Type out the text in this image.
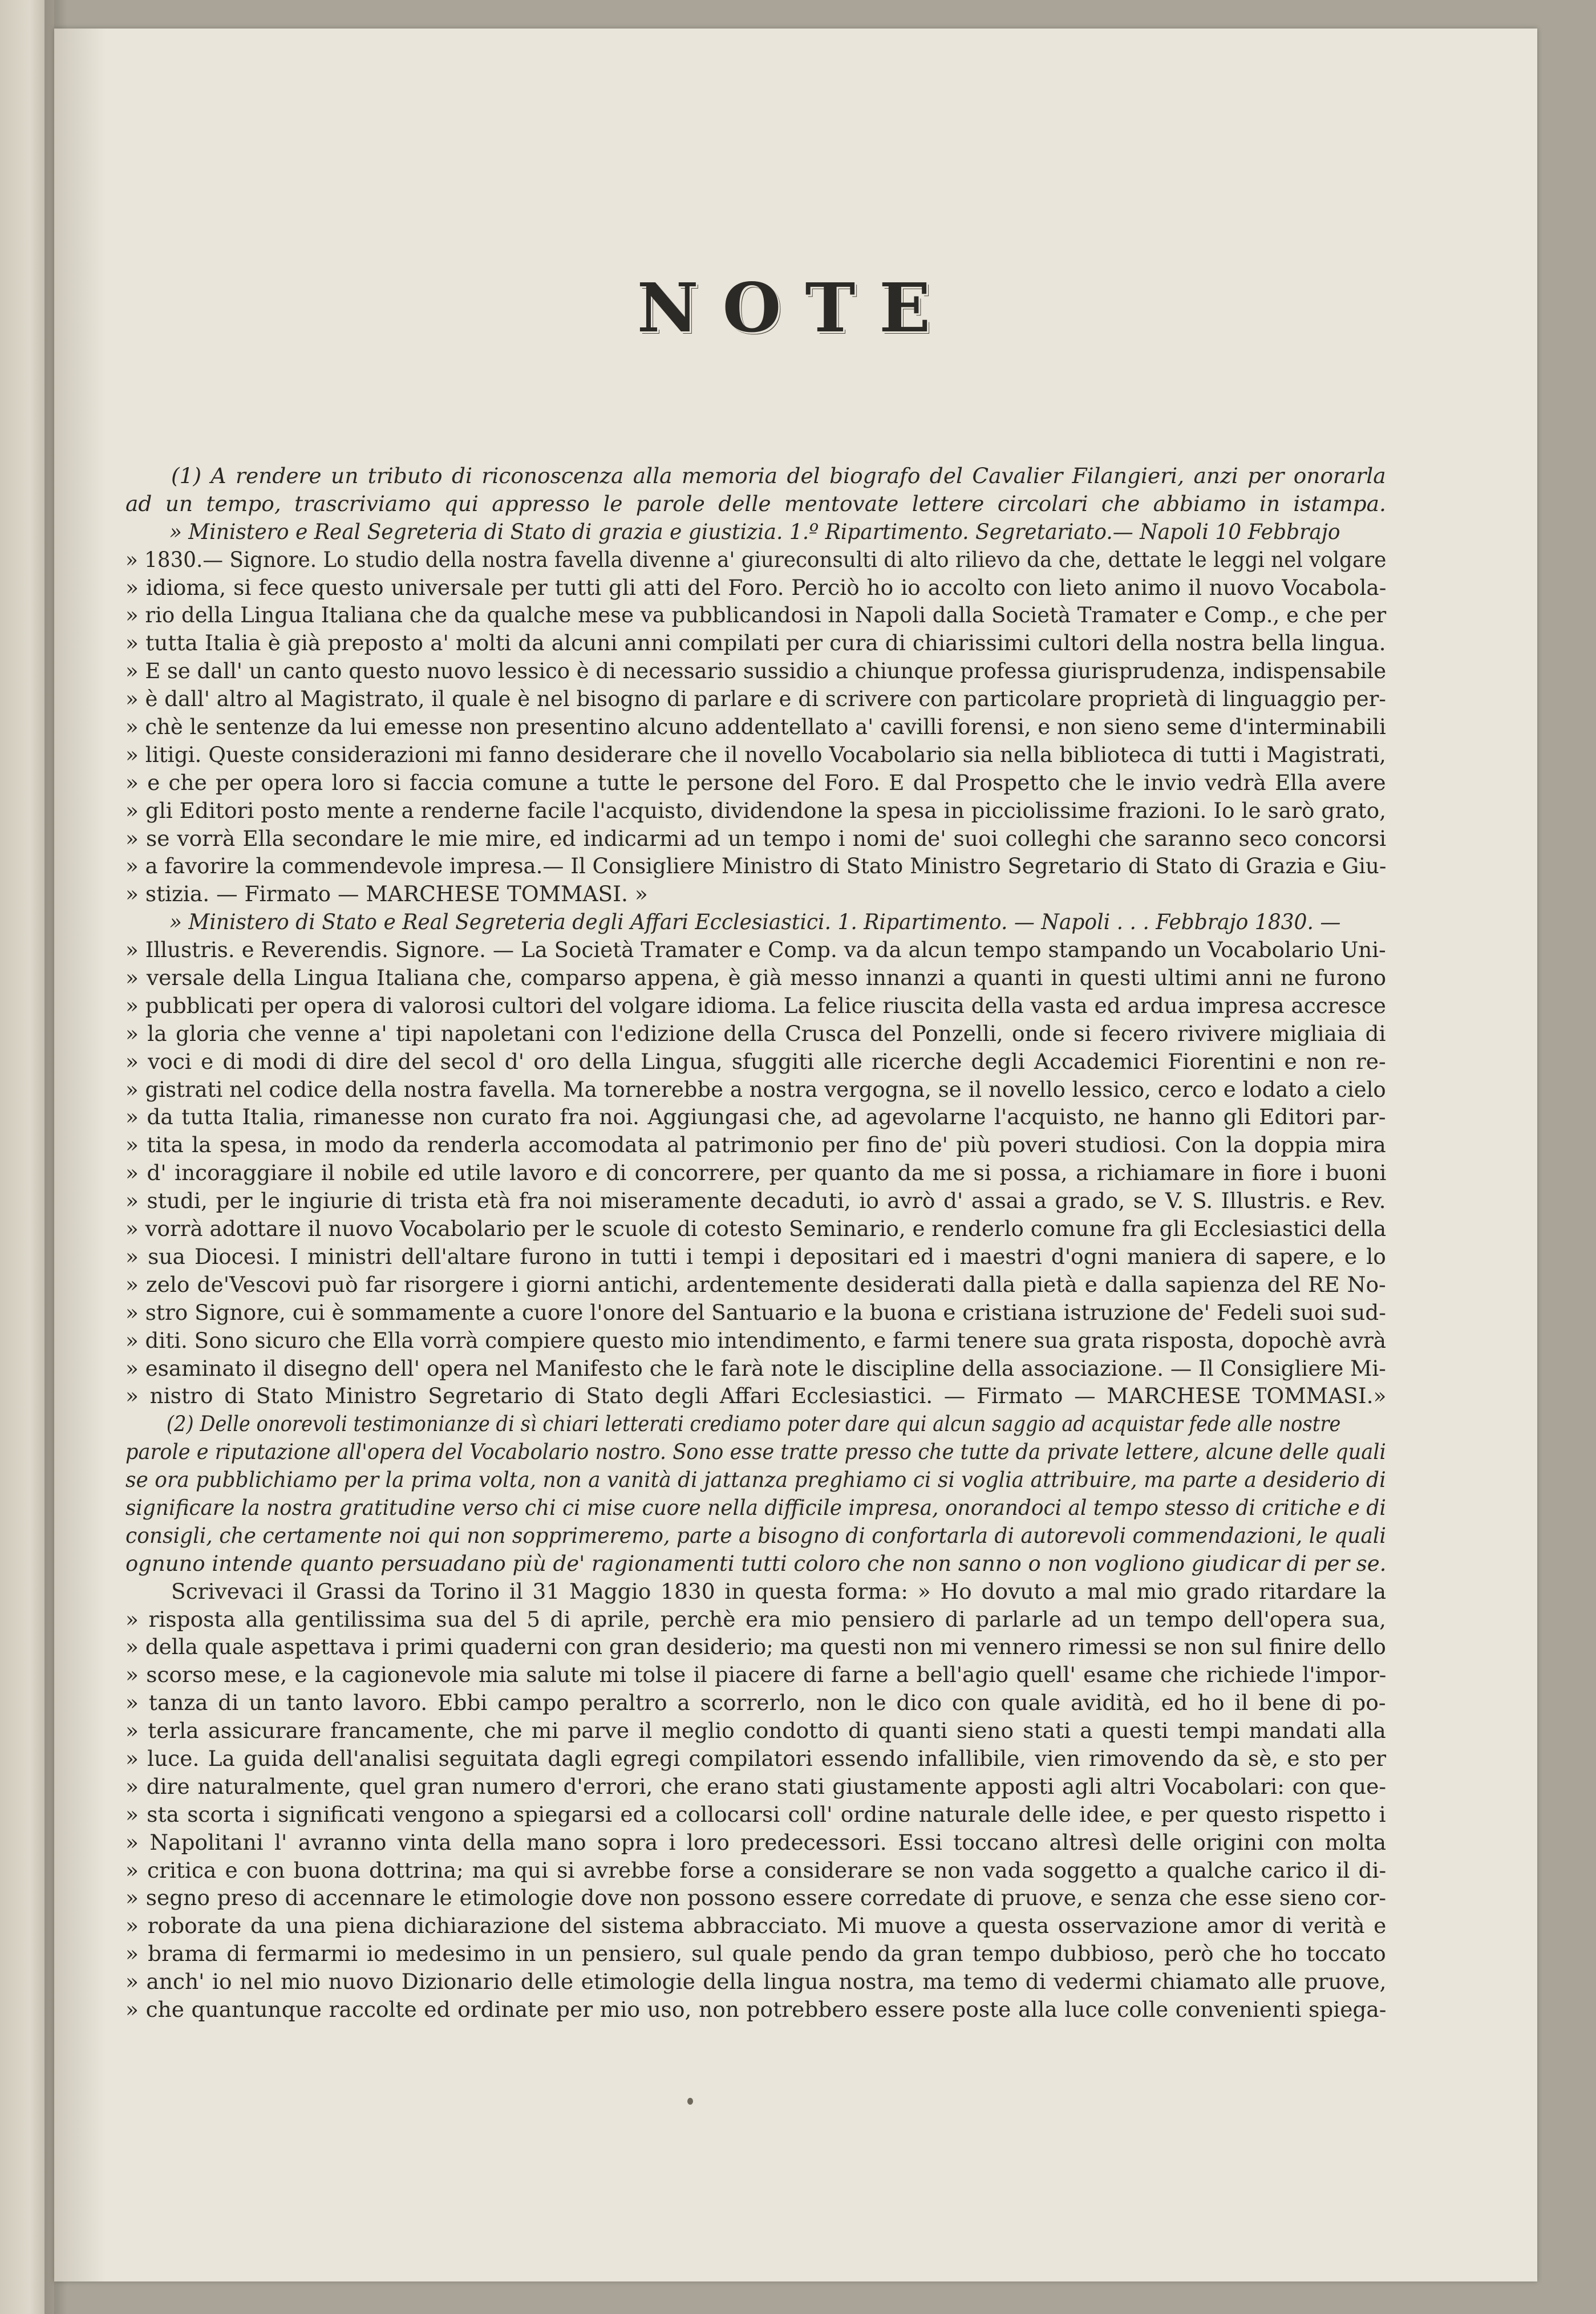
NOTE
(1) A rendere un tributo di riconoscenza alla memoria del biografo del Cavalier Filangieri, anzi per onorarla
ad un tempo, trascriviamo qui appresso le parole delle mentovate lettere circolari che abbiamo in istampa.
» Ministero e Real Segreteria di Stato di grazia e giustizia. 1.º Ripartimento. Segretariato.— Napoli 10 Febbrajo
» 1830.— Signore. Lo studio della nostra favella divenne a' giureconsulti di alto rilievo da che, dettate le leggi nel volgare
» idioma, si fece questo universale per tutti gli atti del Foro. Perciò ho io accolto con lieto animo il nuovo Vocabola-
» rio della Lingua Italiana che da qualche mese va pubblicandosi in Napoli dalla Società Tramater e Comp., e che per
» tutta Italia è già preposto a' molti da alcuni anni compilati per cura di chiarissimi cultori della nostra bella lingua.
» E se dall' un canto questo nuovo lessico è di necessario sussidio a chiunque professa giurisprudenza, indispensabile
» è dall' altro al Magistrato, il quale è nel bisogno di parlare e di scrivere con particolare proprietà di linguaggio per-
» chè le sentenze da lui emesse non presentino alcuno addentellato a' cavilli forensi, e non sieno seme d'interminabili
» litigi. Queste considerazioni mi fanno desiderare che il novello Vocabolario sia nella biblioteca di tutti i Magistrati,
» e che per opera loro si faccia comune a tutte le persone del Foro. E dal Prospetto che le invio vedrà Ella avere
» gli Editori posto mente a renderne facile l'acquisto, dividendone la spesa in picciolissime frazioni. Io le sarò grato,
» se vorrà Ella secondare le mie mire, ed indicarmi ad un tempo i nomi de' suoi colleghi che saranno seco concorsi
» a favorire la commendevole impresa.— Il Consigliere Ministro di Stato Ministro Segretario di Stato di Grazia e Giu-
» stizia. — Firmato — MARCHESE TOMMASI. »
» Ministero di Stato e Real Segreteria degli Affari Ecclesiastici. 1. Ripartimento. — Napoli . . . Febbrajo 1830. —
» Illustris. e Reverendis. Signore. — La Società Tramater e Comp. va da alcun tempo stampando un Vocabolario Uni-
» versale della Lingua Italiana che, comparso appena, è già messo innanzi a quanti in questi ultimi anni ne furono
» pubblicati per opera di valorosi cultori del volgare idioma. La felice riuscita della vasta ed ardua impresa accresce
» la gloria che venne a' tipi napoletani con l'edizione della Crusca del Ponzelli, onde si fecero rivivere migliaia di
» voci e di modi di dire del secol d' oro della Lingua, sfuggiti alle ricerche degli Accademici Fiorentini e non re-
» gistrati nel codice della nostra favella. Ma tornerebbe a nostra vergogna, se il novello lessico, cerco e lodato a cielo
» da tutta Italia, rimanesse non curato fra noi. Aggiungasi che, ad agevolarne l'acquisto, ne hanno gli Editori par-
» tita la spesa, in modo da renderla accomodata al patrimonio per fino de' più poveri studiosi. Con la doppia mira
» d' incoraggiare il nobile ed utile lavoro e di concorrere, per quanto da me si possa, a richiamare in fiore i buoni
» studi, per le ingiurie di trista età fra noi miseramente decaduti, io avrò d' assai a grado, se V. S. Illustris. e Rev.
» vorrà adottare il nuovo Vocabolario per le scuole di cotesto Seminario, e renderlo comune fra gli Ecclesiastici della
» sua Diocesi. I ministri dell'altare furono in tutti i tempi i depositari ed i maestri d'ogni maniera di sapere, e lo
» zelo de'Vescovi può far risorgere i giorni antichi, ardentemente desiderati dalla pietà e dalla sapienza del RE No-
» stro Signore, cui è sommamente a cuore l'onore del Santuario e la buona e cristiana istruzione de' Fedeli suoi sud-
» diti. Sono sicuro che Ella vorrà compiere questo mio intendimento, e farmi tenere sua grata risposta, dopochè avrà
» esaminato il disegno dell' opera nel Manifesto che le farà note le discipline della associazione. — Il Consigliere Mi-
» nistro di Stato Ministro Segretario di Stato degli Affari Ecclesiastici. — Firmato — MARCHESE TOMMASI.»
(2) Delle onorevoli testimonianze di sì chiari letterati crediamo poter dare qui alcun saggio ad acquistar fede alle nostre
parole e riputazione all'opera del Vocabolario nostro. Sono esse tratte presso che tutte da private lettere, alcune delle quali
se ora pubblichiamo per la prima volta, non a vanità di jattanza preghiamo ci si voglia attribuire, ma parte a desiderio di
significare la nostra gratitudine verso chi ci mise cuore nella difficile impresa, onorandoci al tempo stesso di critiche e di
consigli, che certamente noi qui non sopprimeremo, parte a bisogno di confortarla di autorevoli commendazioni, le quali
ognuno intende quanto persuadano più de' ragionamenti tutti coloro che non sanno o non vogliono giudicar di per se.
Scrivevaci il Grassi da Torino il 31 Maggio 1830 in questa forma: » Ho dovuto a mal mio grado ritardare la
» risposta alla gentilissima sua del 5 di aprile, perchè era mio pensiero di parlarle ad un tempo dell'opera sua,
» della quale aspettava i primi quaderni con gran desiderio; ma questi non mi vennero rimessi se non sul finire dello
» scorso mese, e la cagionevole mia salute mi tolse il piacere di farne a bell'agio quell' esame che richiede l'impor-
» tanza di un tanto lavoro. Ebbi campo peraltro a scorrerlo, non le dico con quale avidità, ed ho il bene di po-
» terla assicurare francamente, che mi parve il meglio condotto di quanti sieno stati a questi tempi mandati alla
» luce. La guida dell'analisi seguitata dagli egregi compilatori essendo infallibile, vien rimovendo da sè, e sto per
» dire naturalmente, quel gran numero d'errori, che erano stati giustamente apposti agli altri Vocabolari: con que-
» sta scorta i significati vengono a spiegarsi ed a collocarsi coll' ordine naturale delle idee, e per questo rispetto i
» Napolitani l' avranno vinta della mano sopra i loro predecessori. Essi toccano altresì delle origini con molta
» critica e con buona dottrina; ma qui si avrebbe forse a considerare se non vada soggetto a qualche carico il di-
» segno preso di accennare le etimologie dove non possono essere corredate di pruove, e senza che esse sieno cor-
» roborate da una piena dichiarazione del sistema abbracciato. Mi muove a questa osservazione amor di verità e
» brama di fermarmi io medesimo in un pensiero, sul quale pendo da gran tempo dubbioso, però che ho toccato
» anch' io nel mio nuovo Dizionario delle etimologie della lingua nostra, ma temo di vedermi chiamato alle pruove,
» che quantunque raccolte ed ordinate per mio uso, non potrebbero essere poste alla luce colle convenienti spiega-
